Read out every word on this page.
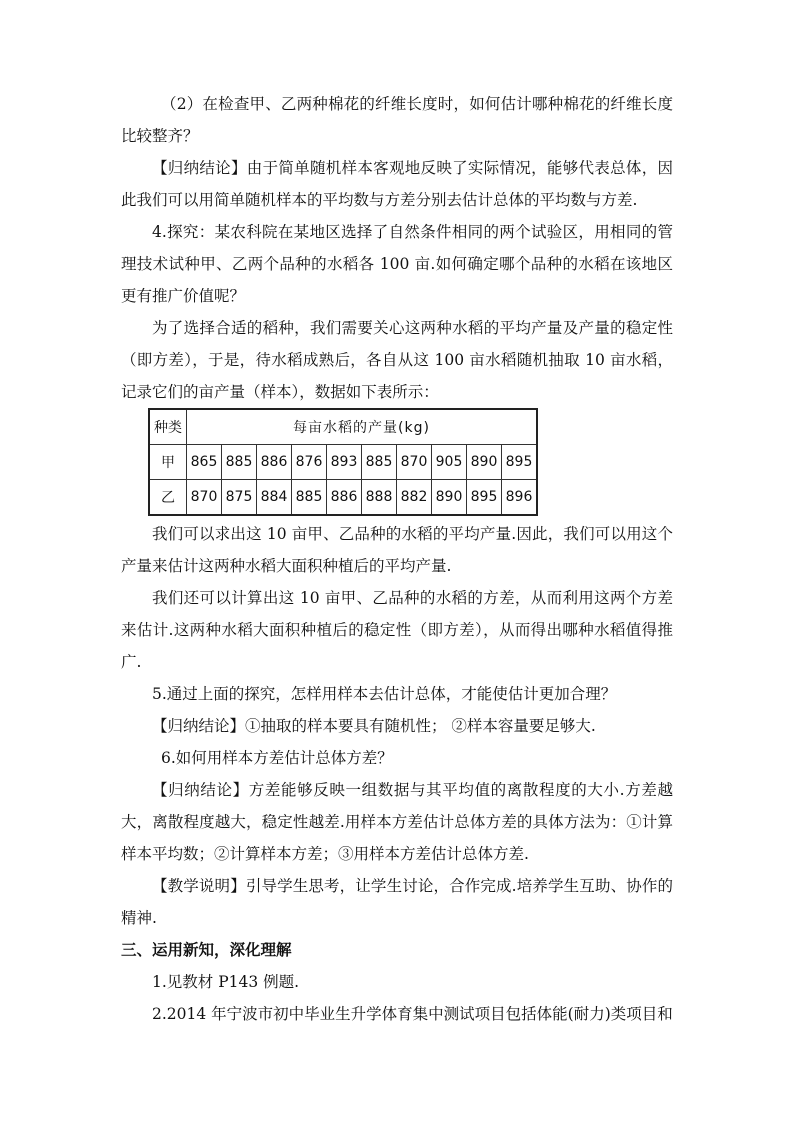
（2）在检查甲、乙两种棉花的纤维长度时，如何估计哪种棉花的纤维长度比较整齐？

【归纳结论】由于简单随机样本客观地反映了实际情况，能够代表总体，因此我们可以用简单随机样本的平均数与方差分别去估计总体的平均数与方差.

4.探究：某农科院在某地区选择了自然条件相同的两个试验区，用相同的管理技术试种甲、乙两个品种的水稻各 100 亩.如何确定哪个品种的水稻在该地区更有推广价值呢？

为了选择合适的稻种，我们需要关心这两种水稻的平均产量及产量的稳定性（即方差），于是，待水稻成熟后，各自从这 100 亩水稻随机抽取 10 亩水稻，记录它们的亩产量（样本），数据如下表所示：

种类	每亩水稻的产量(kg)									
甲	865	885	886	876	893	885	870	905	890	895
乙	870	875	884	885	886	888	882	890	895	896

我们可以求出这 10 亩甲、乙品种的水稻的平均产量.因此，我们可以用这个产量来估计这两种水稻大面积种植后的平均产量.

我们还可以计算出这 10 亩甲、乙品种的水稻的方差，从而利用这两个方差来估计.这两种水稻大面积种植后的稳定性（即方差），从而得出哪种水稻值得推广.

5.通过上面的探究，怎样用样本去估计总体，才能使估计更加合理？

【归纳结论】①抽取的样本要具有随机性； ②样本容量要足够大.

6.如何用样本方差估计总体方差？

【归纳结论】方差能够反映一组数据与其平均值的离散程度的大小.方差越大，离散程度越大，稳定性越差.用样本方差估计总体方差的具体方法为：①计算样本平均数；②计算样本方差；③用样本方差估计总体方差.

【教学说明】引导学生思考，让学生讨论，合作完成.培养学生互助、协作的精神.

三、运用新知，深化理解

1.见教材 P143 例题.

2.2014 年宁波市初中毕业生升学体育集中测试项目包括体能(耐力)类项目和
